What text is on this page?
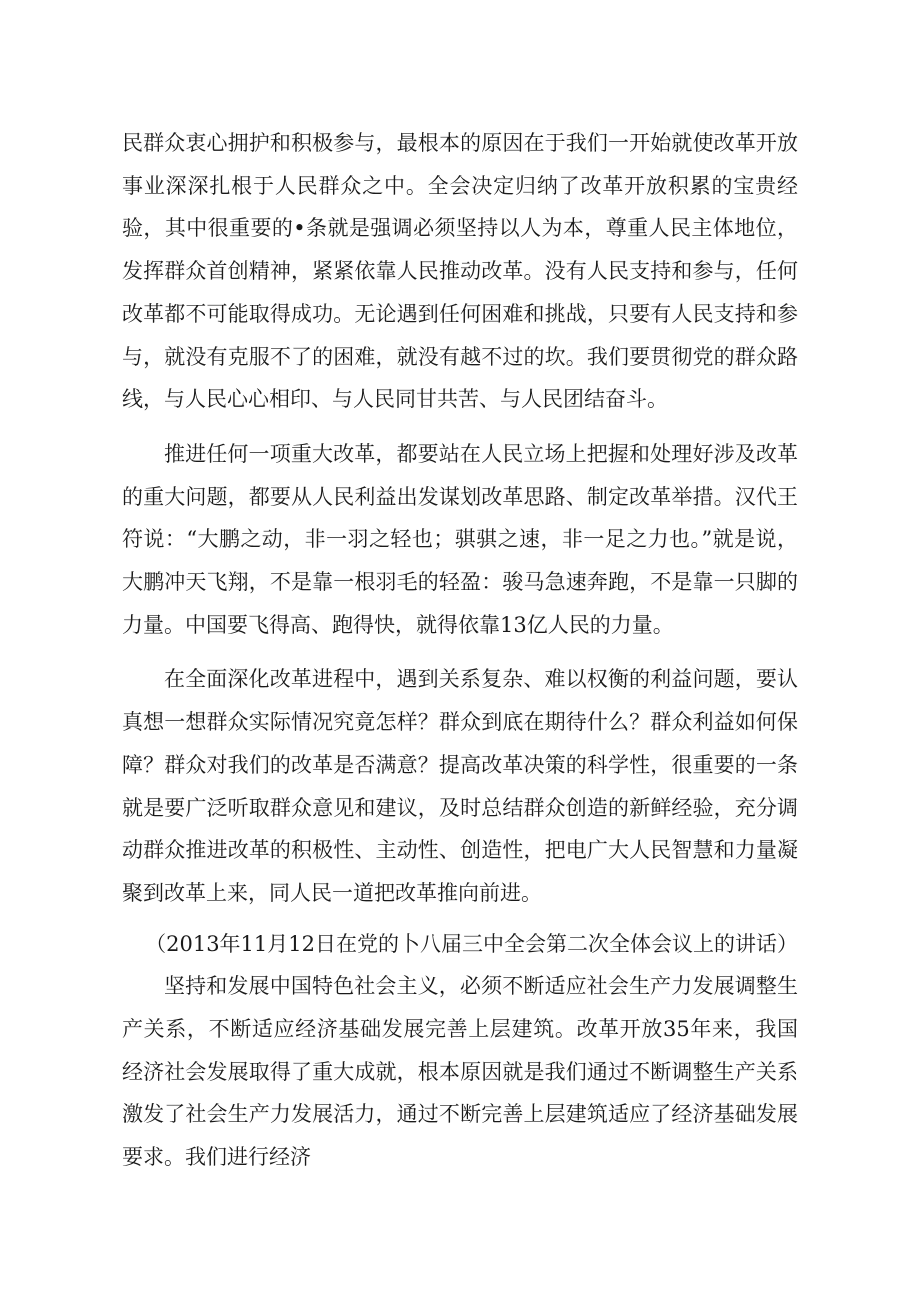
民群众衷心拥护和积极参与，最根本的原因在于我们一开始就使改革开放事业深深扎根于人民群众之中。全会决定归纳了改革开放积累的宝贵经验，其中很重要的•条就是强调必须坚持以人为本，尊重人民主体地位，发挥群众首创精神，紧紧依靠人民推动改革。没有人民支持和参与，任何改革都不可能取得成功。无论遇到任何困难和挑战，只要有人民支持和参与，就没有克服不了的困难，就没有越不过的坎。我们要贯彻党的群众路线，与人民心心相印、与人民同甘共苦、与人民团结奋斗。

推进任何一项重大改革，都要站在人民立场上把握和处理好涉及改革的重大问题，都要从人民利益出发谋划改革思路、制定改革举措。汉代王符说：“大鹏之动，非一羽之轻也；骐骐之速，非一足之力也。”就是说，大鹏冲天飞翔，不是靠一根羽毛的轻盈：骏马急速奔跑，不是靠一只脚的力量。中国要飞得高、跑得快，就得依靠13亿人民的力量。

在全面深化改革进程中，遇到关系复杂、难以权衡的利益问题，要认真想一想群众实际情况究竟怎样？群众到底在期待什么？群众利益如何保障？群众对我们的改革是否满意？提高改革决策的科学性，很重要的一条就是要广泛听取群众意见和建议，及时总结群众创造的新鲜经验，充分调动群众推进改革的积极性、主动性、创造性，把电广大人民智慧和力量凝聚到改革上来，同人民一道把改革推向前进。

（2013年11月12日在党的卜八届三中全会第二次全体会议上的讲话）

坚持和发展中国特色社会主义，必须不断适应社会生产力发展调整生产关系，不断适应经济基础发展完善上层建筑。改革开放35年来，我国经济社会发展取得了重大成就，根本原因就是我们通过不断调整生产关系激发了社会生产力发展活力，通过不断完善上层建筑适应了经济基础发展要求。我们进行经济
